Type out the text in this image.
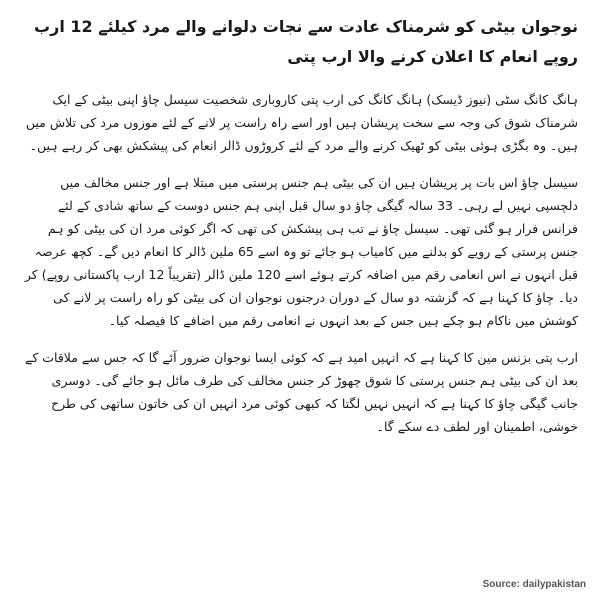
نوجوان بیٹی کو شرمناک عادت سے نجات دلوانے والے مرد کیلئے 12 ارب روپے انعام کا اعلان کرنے والا ارب پتی

ہانگ کانگ سٹی (نیوز ڈیسک) ہانگ کانگ کی ارب پتی کاروباری شخصیت سیسل چاؤ اپنی بیٹی کے ایک شرمناک شوق کی وجہ سے سخت پریشان ہیں اور اسے راہ راست پر لانے کے لئے موزوں مرد کی تلاش میں ہیں۔ وہ بگڑی ہوئی بیٹی کو ٹھیک کرنے والے مرد کے لئے کروڑوں ڈالر انعام کی پیشکش بھی کر رہے ہیں۔

سیسل چاؤ اس بات پر پریشان ہیں ان کی بیٹی ہم جنس پرستی میں مبتلا ہے اور جنس مخالف میں دلچسپی نہیں لے رہی۔ 33 سالہ گیگی چاؤ دو سال قبل اپنی ہم جنس دوست کے ساتھ شادی کے لئے فرانس فرار ہو گئی تھی۔ سیسل چاؤ نے تب ہی پیشکش کی تھی کہ اگر کوئی مرد ان کی بیٹی کو ہم جنس پرستی کے رویے کو بدلنے میں کامیاب ہو جائے تو وہ اسے 65 ملین ڈالر کا انعام دیں گے۔ کچھ عرصہ قبل انہوں نے اس انعامی رقم میں اضافہ کرتے ہوئے اسے 120 ملین ڈالر (تقریباً 12 ارب پاکستانی روپے) کر دیا۔ چاؤ کا کہنا ہے کہ گزشتہ دو سال کے دوران درجنوں نوجوان ان کی بیٹی کو راہ راست پر لانے کی کوشش میں ناکام ہو چکے ہیں جس کے بعد انہوں نے انعامی رقم میں اضافے کا فیصلہ کیا۔

ارب پتی بزنس مین کا کہنا ہے کہ انہیں امید ہے کہ کوئی ایسا نوجوان ضرور آئے گا کہ جس سے ملاقات کے بعد ان کی بیٹی ہم جنس پرستی کا شوق چھوڑ کر جنس مخالف کی طرف مائل ہو جائے گی۔ دوسری جانب گیگی چاؤ کا کہنا ہے کہ انہیں نہیں لگتا کہ کبھی کوئی مرد انہیں ان کی خاتون ساتھی کی طرح خوشی، اطمینان اور لطف دے سکے گا۔

Source: dailypakistan
